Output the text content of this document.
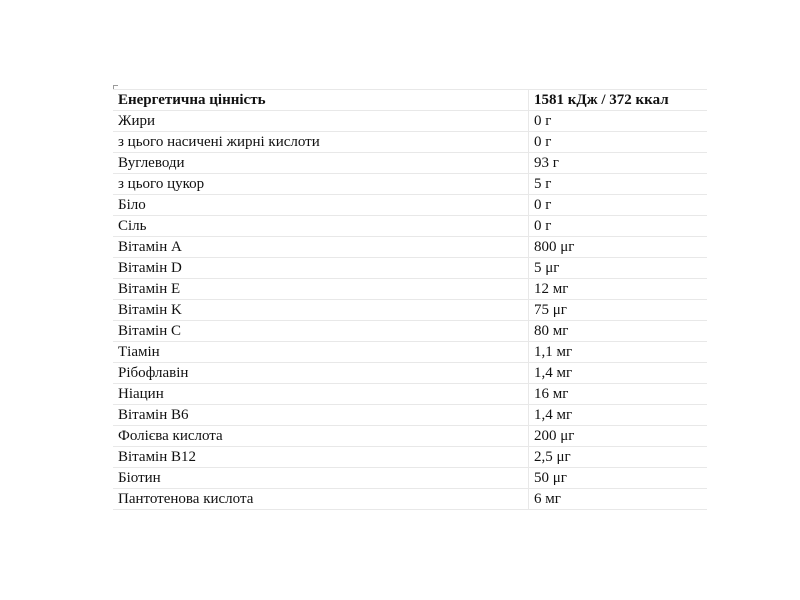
Енергетична цінність	1581 кДж / 372 ккал
Жири	0 г
з цього насичені жирні кислоти	0 г
Вуглеводи	93 г
з цього цукор	5 г
Біло	0 г
Сіль	0 г
Вітамін A	800 μг
Вітамін D	5 μг
Вітамін E	12 мг
Вітамін K	75 μг
Вітамін C	80 мг
Тіамін	1,1 мг
Рібофлавін	1,4 мг
Ніацин	16 мг
Вітамін B6	1,4 мг
Фолієва кислота	200 μг
Вітамін B12	2,5 μг
Біотин	50 μг
Пантотенова кислота	6 мг
